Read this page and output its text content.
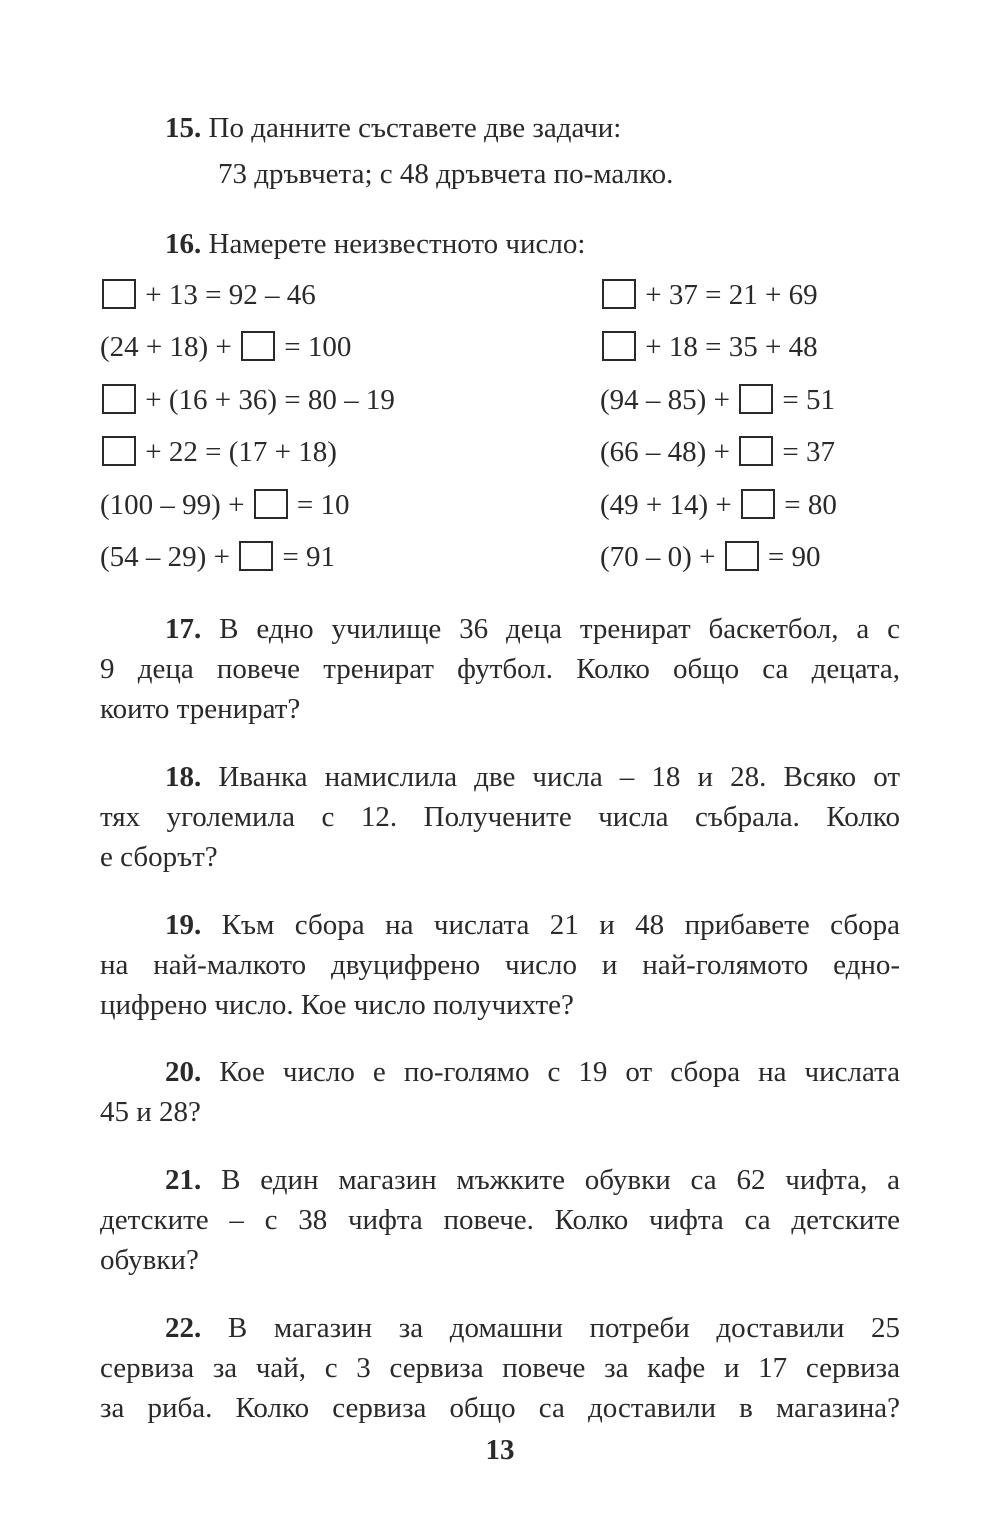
15. По данните съставете две задачи:
73 дръвчета; с 48 дръвчета по-малко.
16. Намерете неизвестното число:
+ 13 = 92 – 46
(24 + 18) +  = 100
+ (16 + 36) = 80 – 19
+ 22 = (17 + 18)
(100 – 99) +  = 10
(54 – 29) +  = 91
+ 37 = 21 + 69
+ 18 = 35 + 48
(94 – 85) +  = 51
(66 – 48) +  = 37
(49 + 14) +  = 80
(70 – 0) +  = 90
17. В едно училище 36 деца тренират баскетбол, а с
9 деца повече тренират футбол. Колко общо са децата,
които тренират?
18. Иванка намислила две числа – 18 и 28. Всяко от
тях уголемила с 12. Получените числа събрала. Колко
е сборът?
19. Към сбора на числата 21 и 48 прибавете сбора
на най-малкото двуцифрено число и най-голямото едно-
цифрено число. Кое число получихте?
20. Кое число е по-голямо с 19 от сбора на числата
45 и 28?
21. В един магазин мъжките обувки са 62 чифта, а
детските – с 38 чифта повече. Колко чифта са детските
обувки?
22. В магазин за домашни потреби доставили 25
сервиза за чай, с 3 сервиза повече за кафе и 17 сервиза
за риба. Колко сервиза общо са доставили в магазина?
13
